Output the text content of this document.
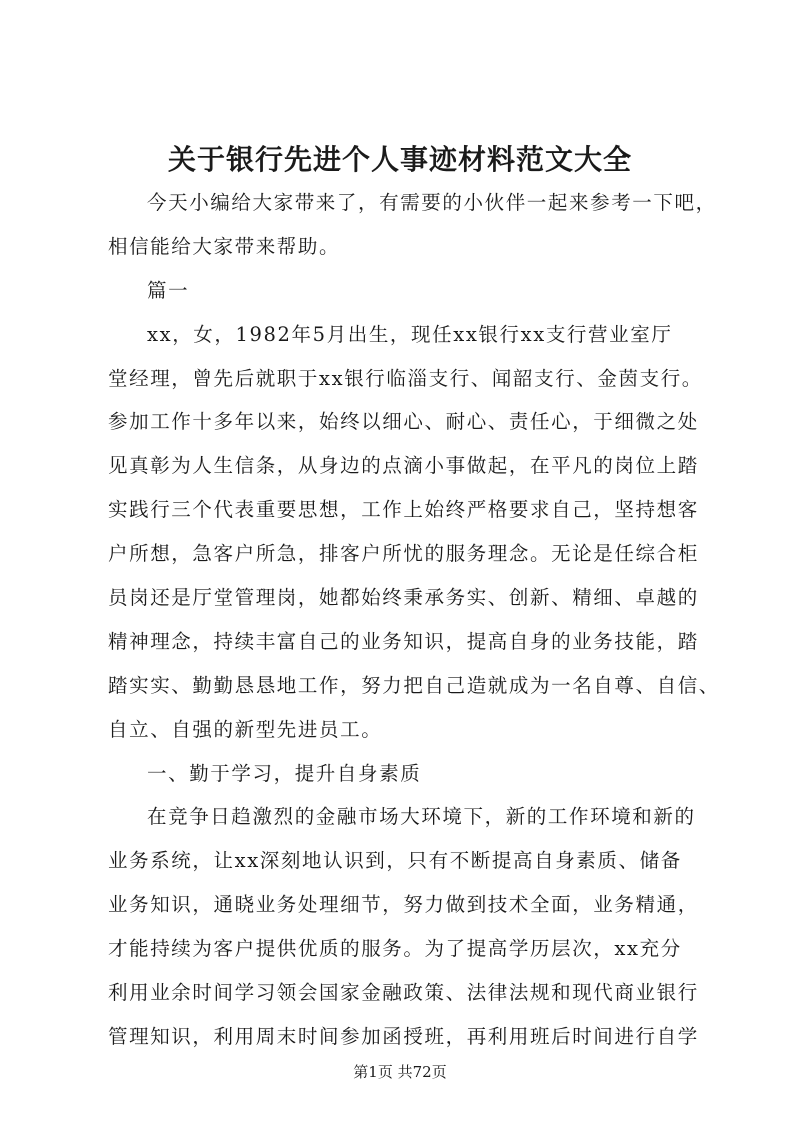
关于银行先进个人事迹材料范文大全
今天小编给大家带来了，有需要的小伙伴一起来参考一下吧，
相信能给大家带来帮助。
篇一
xx，女，1982年5月出生，现任xx银行xx支行营业室厅
堂经理，曾先后就职于xx银行临淄支行、闻韶支行、金茵支行。
参加工作十多年以来，始终以细心、耐心、责任心，于细微之处
见真彰为人生信条，从身边的点滴小事做起，在平凡的岗位上踏
实践行三个代表重要思想，工作上始终严格要求自己，坚持想客
户所想，急客户所急，排客户所忧的服务理念。无论是任综合柜
员岗还是厅堂管理岗，她都始终秉承务实、创新、精细、卓越的
精神理念，持续丰富自己的业务知识，提高自身的业务技能，踏
踏实实、勤勤恳恳地工作，努力把自己造就成为一名自尊、自信、
自立、自强的新型先进员工。
一、勤于学习，提升自身素质
在竞争日趋激烈的金融市场大环境下，新的工作环境和新的
业务系统，让xx深刻地认识到，只有不断提高自身素质、储备
业务知识，通晓业务处理细节，努力做到技术全面，业务精通，
才能持续为客户提供优质的服务。为了提高学历层次，xx充分
利用业余时间学习领会国家金融政策、法律法规和现代商业银行
管理知识，利用周末时间参加函授班，再利用班后时间进行自学
第1页 共72页
